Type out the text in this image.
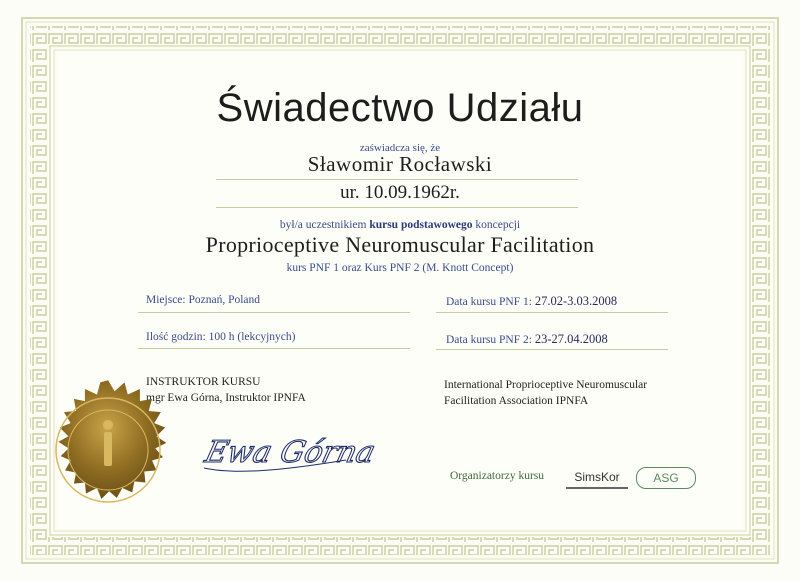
Świadectwo Udziału
zaświadcza się, że
Sławomir Rocławski
ur. 10.09.1962r.
był/a uczestnikiem kursu podstawowego koncepcji
Proprioceptive Neuromuscular Facilitation
kurs PNF 1 oraz Kurs PNF 2 (M. Knott Concept)
Miejsce: Poznań, Poland
Ilość godzin: 100 h (lekcyjnych)
Data kursu PNF 1: 27.02-3.03.2008
Data kursu PNF 2: 23-27.04.2008
INSTRUKTOR KURSU
mgr Ewa Górna, Instruktor IPNFA
International Proprioceptive Neuromuscular
Facilitation Association IPNFA
Ewa Górna
Organizatorzy kursu	SimsKor	ASG
